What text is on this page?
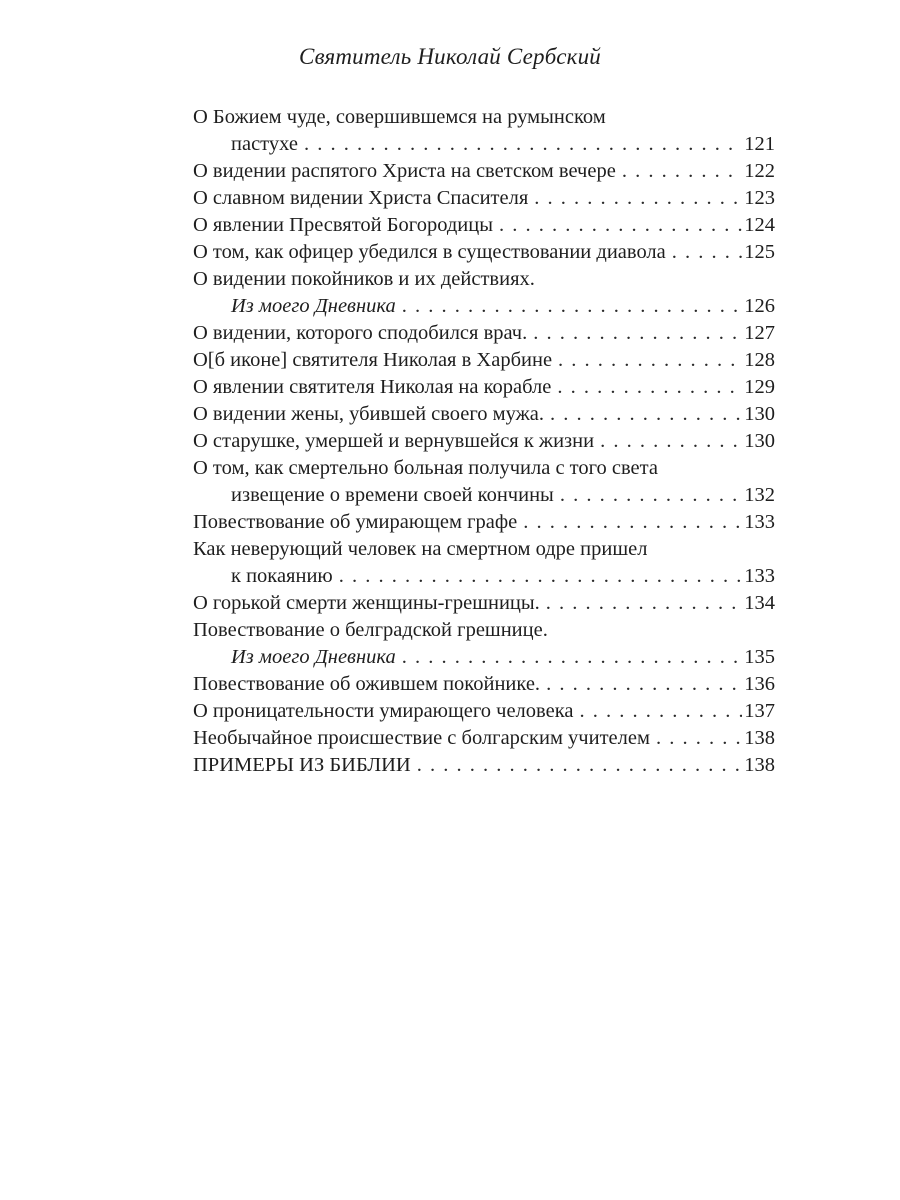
Святитель Николай Сербский
О Божием чуде, совершившемся на румынском
пастухе . . .	121
О видении распятого Христа на светском вечере . . .	122
О славном видении Христа Спасителя . . .	123
О явлении Пресвятой Богородицы . . .	124
О том, как офицер убедился в существовании диавола . . .	125
О видении покойников и их действиях.
Из моего Дневника . . .	126
О видении, которого сподобился врач. . . .	127
О[б иконе] святителя Николая в Харбине . . .	128
О явлении святителя Николая на корабле . . .	129
О видении жены, убившей своего мужа. . . .	130
О старушке, умершей и вернувшейся к жизни . . .	130
О том, как смертельно больная получила с того света
извещение о времени своей кончины . . .	132
Повествование об умирающем графе . . .	133
Как неверующий человек на смертном одре пришел
к покаянию . . .	133
О горькой смерти женщины-грешницы. . . .	134
Повествование о белградской грешнице.
Из моего Дневника . . .	135
Повествование об ожившем покойнике. . . .	136
О проницательности умирающего человека . . .	137
Необычайное происшествие с болгарским учителем . . .	138
ПРИМЕРЫ ИЗ БИБЛИИ . . .	138
